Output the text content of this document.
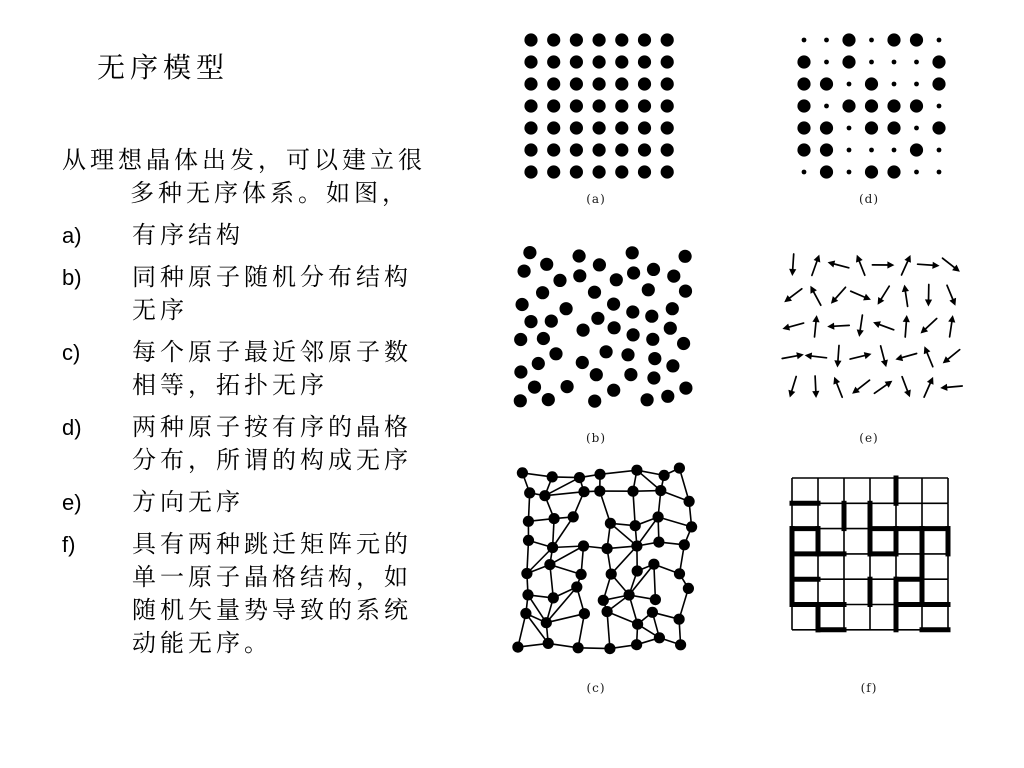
无序模型
从理想晶体出发，可以建立很多种无序体系。如图，
a)	有序结构
b)	同种原子随机分布结构无序
c)	每个原子最近邻原子数相等，拓扑无序
d)	两种原子按有序的晶格分布，所谓的构成无序
e)	方向无序
f)	具有两种跳迁矩阵元的单一原子晶格结构，如随机矢量势导致的系统动能无序。
(a)
(b)
(c)
(d)
(e)
(f)
